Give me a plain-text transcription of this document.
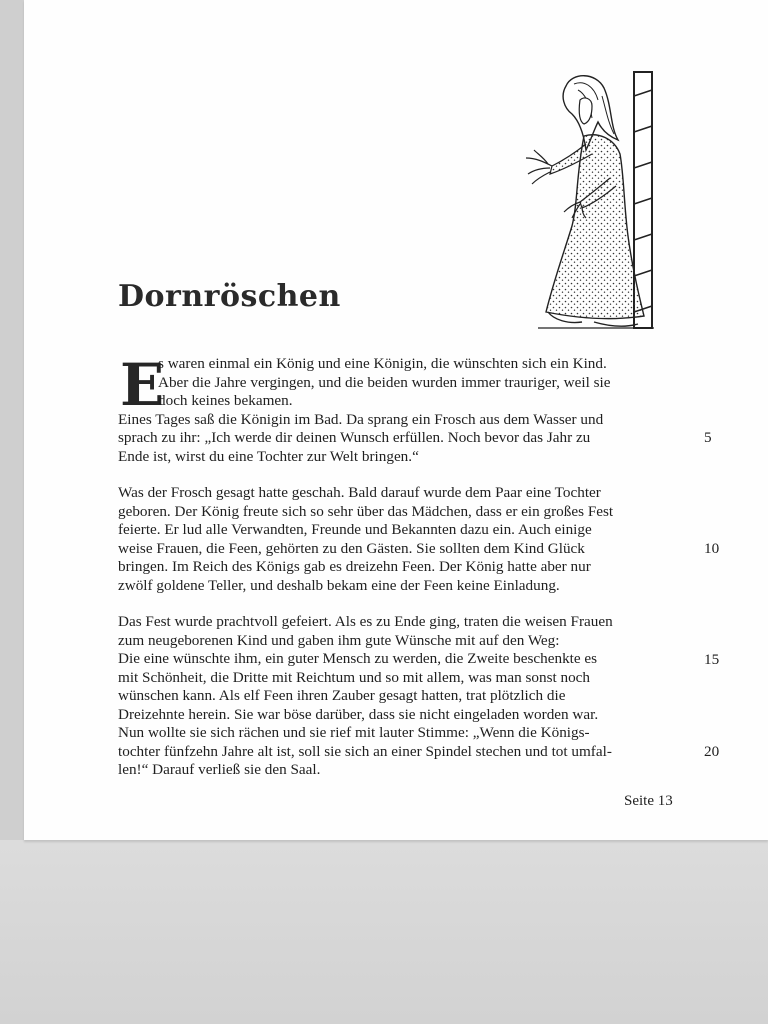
Dornröschen
E
s waren einmal ein König und eine Königin, die wünschten sich ein Kind.
Aber die Jahre vergingen, und die beiden wurden immer trauriger, weil sie
doch keines bekamen.
Eines Tages saß die Königin im Bad. Da sprang ein Frosch aus dem Wasser und
sprach zu ihr: „Ich werde dir deinen Wunsch erfüllen. Noch bevor das Jahr zu
Ende ist, wirst du eine Tochter zur Welt bringen.“
Was der Frosch gesagt hatte geschah. Bald darauf wurde dem Paar eine Tochter
geboren. Der König freute sich so sehr über das Mädchen, dass er ein großes Fest
feierte. Er lud alle Verwandten, Freunde und Bekannten dazu ein. Auch einige
weise Frauen, die Feen, gehörten zu den Gästen. Sie sollten dem Kind Glück
bringen. Im Reich des Königs gab es dreizehn Feen. Der König hatte aber nur
zwölf goldene Teller, und deshalb bekam eine der Feen keine Einladung.
Das Fest wurde prachtvoll gefeiert. Als es zu Ende ging, traten die weisen Frauen
zum neugeborenen Kind und gaben ihm gute Wünsche mit auf den Weg:
Die eine wünschte ihm, ein guter Mensch zu werden, die Zweite beschenkte es
mit Schönheit, die Dritte mit Reichtum und so mit allem, was man sonst noch
wünschen kann. Als elf Feen ihren Zauber gesagt hatten, trat plötzlich die
Dreizehnte herein. Sie war böse darüber, dass sie nicht eingeladen worden war.
Nun wollte sie sich rächen und sie rief mit lauter Stimme: „Wenn die Königs-
tochter fünfzehn Jahre alt ist, soll sie sich an einer Spindel stechen und tot umfal-
len!“ Darauf verließ sie den Saal.
5
10
15
20
Seite 13
